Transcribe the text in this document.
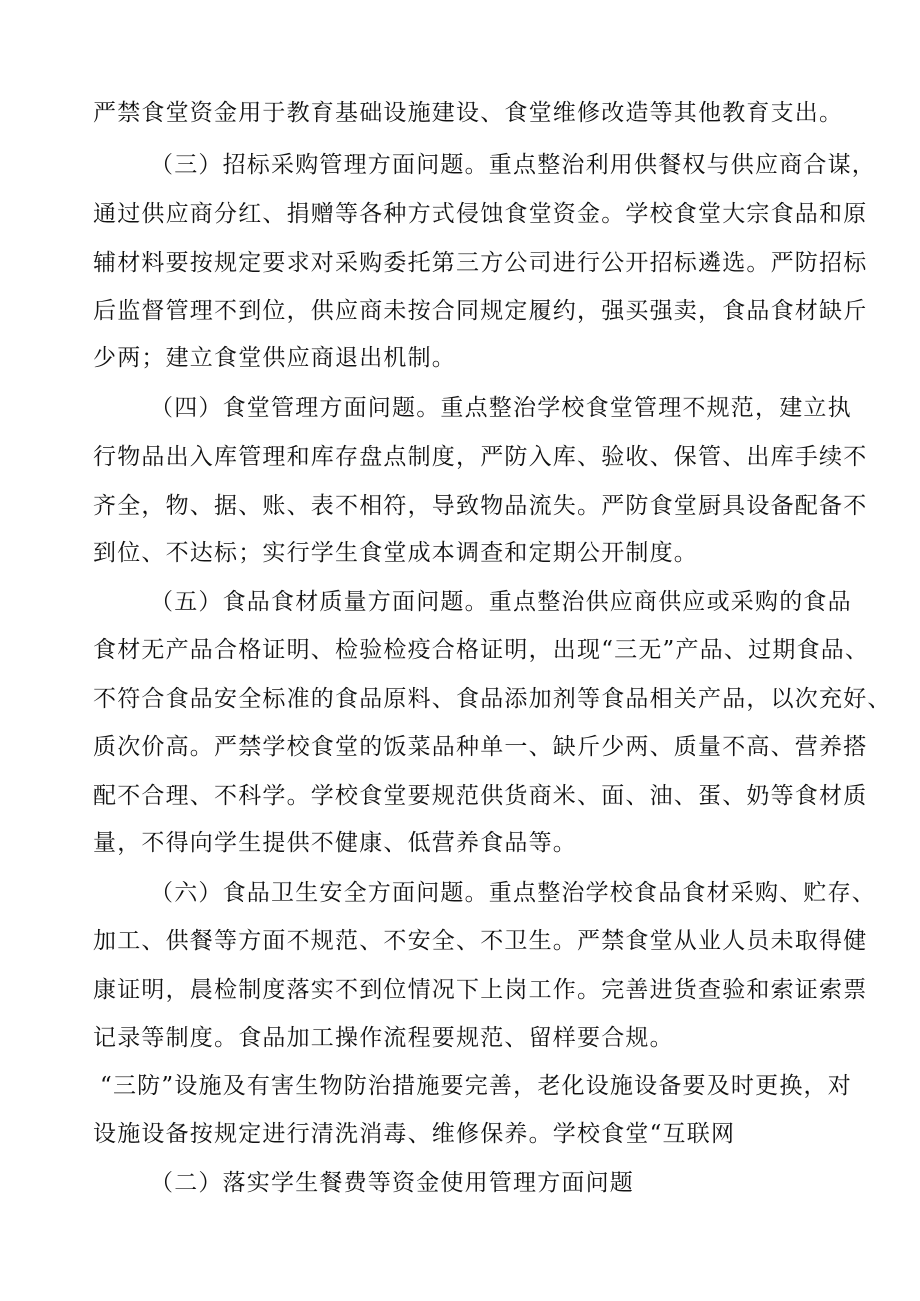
严禁食堂资金用于教育基础设施建设、食堂维修改造等其他教育支出。
（三）招标采购管理方面问题。重点整治利用供餐权与供应商合谋，
通过供应商分红、捐赠等各种方式侵蚀食堂资金。学校食堂大宗食品和原
辅材料要按规定要求对采购委托第三方公司进行公开招标遴选。严防招标
后监督管理不到位，供应商未按合同规定履约，强买强卖，食品食材缺斤
少两；建立食堂供应商退出机制。
（四）食堂管理方面问题。重点整治学校食堂管理不规范，建立执
行物品出入库管理和库存盘点制度，严防入库、验收、保管、出库手续不
齐全，物、据、账、表不相符，导致物品流失。严防食堂厨具设备配备不
到位、不达标；实行学生食堂成本调查和定期公开制度。
（五）食品食材质量方面问题。重点整治供应商供应或采购的食品
食材无产品合格证明、检验检疫合格证明，出现“三无”产品、过期食品、
不符合食品安全标准的食品原料、食品添加剂等食品相关产品，以次充好、
质次价高。严禁学校食堂的饭菜品种单一、缺斤少两、质量不高、营养搭
配不合理、不科学。学校食堂要规范供货商米、面、油、蛋、奶等食材质
量，不得向学生提供不健康、低营养食品等。
（六）食品卫生安全方面问题。重点整治学校食品食材采购、贮存、
加工、供餐等方面不规范、不安全、不卫生。严禁食堂从业人员未取得健
康证明，晨检制度落实不到位情况下上岗工作。完善进货查验和索证索票
记录等制度。食品加工操作流程要规范、留样要合规。
“三防”设施及有害生物防治措施要完善，老化设施设备要及时更换，对
设施设备按规定进行清洗消毒、维修保养。学校食堂“互联网
（二）落实学生餐费等资金使用管理方面问题
